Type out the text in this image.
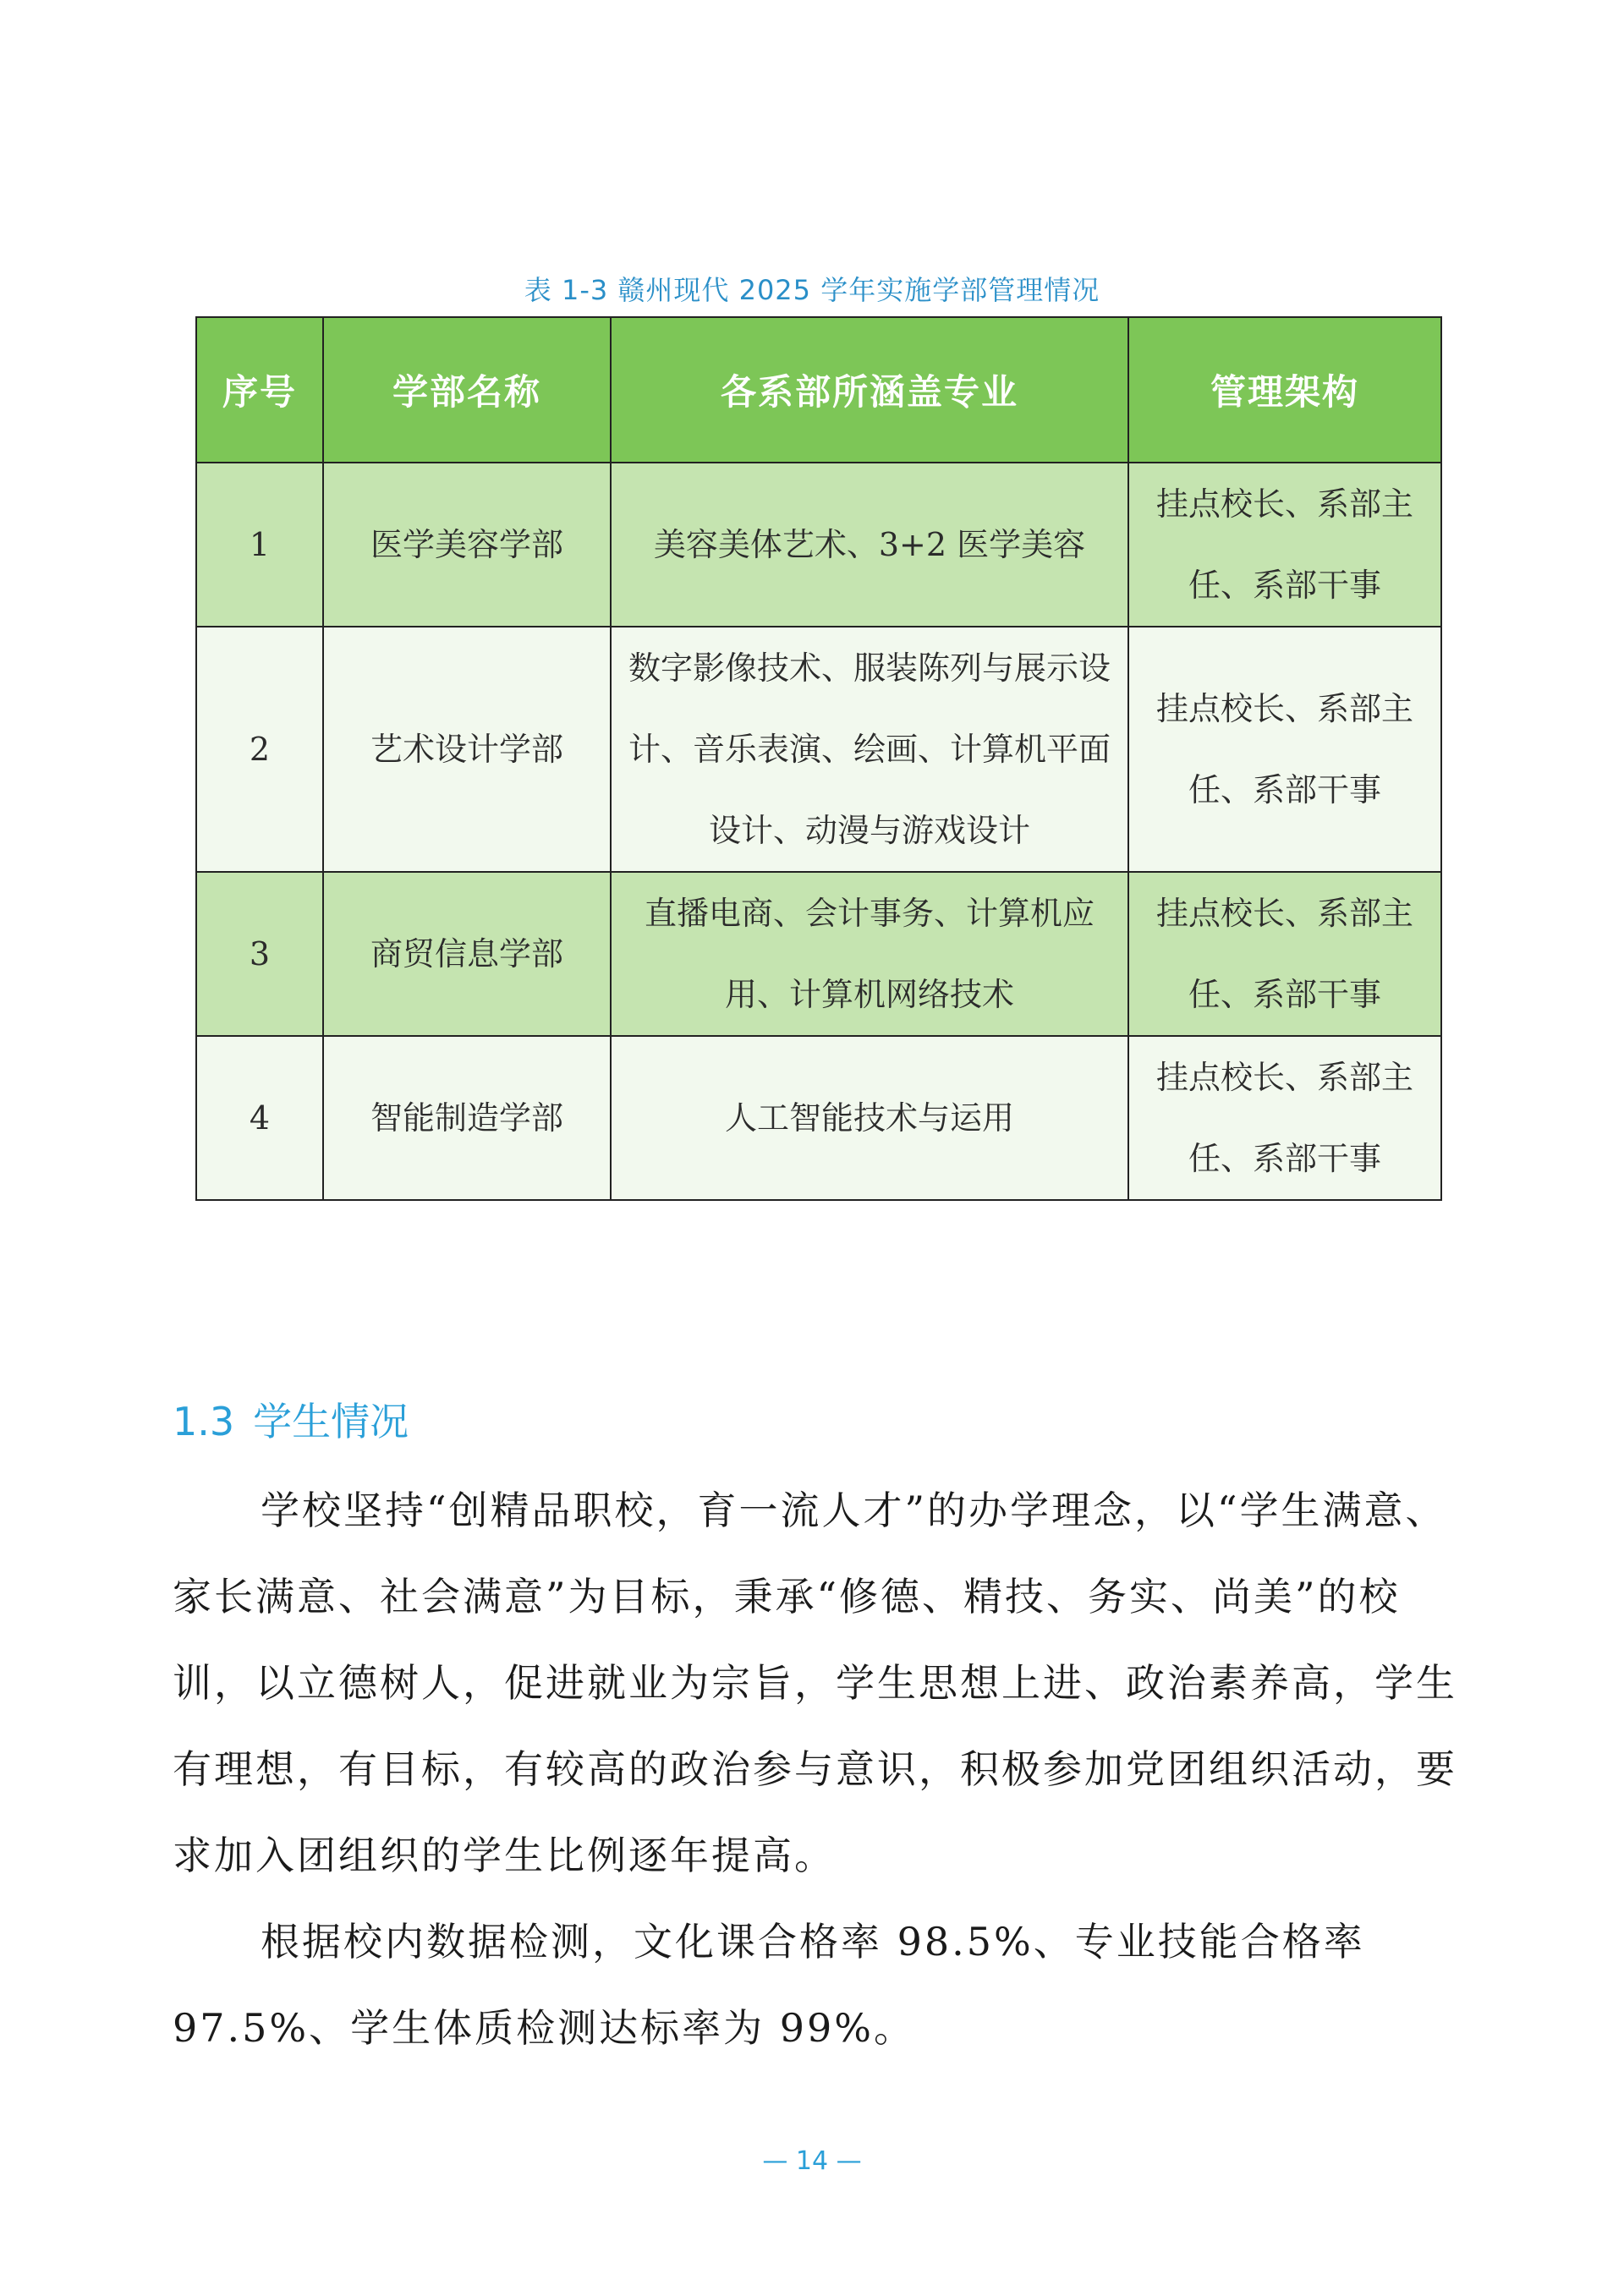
表 1-3 赣州现代 2025 学年实施学部管理情况
序号	学部名称	各系部所涵盖专业	管理架构
1	医学美容学部	美容美体艺术、3+2 医学美容	挂点校长、系部主任、系部干事
2	艺术设计学部	数字影像技术、服装陈列与展示设计、音乐表演、绘画、计算机平面设计、动漫与游戏设计	挂点校长、系部主任、系部干事
3	商贸信息学部	直播电商、会计事务、计算机应用、计算机网络技术	挂点校长、系部主任、系部干事
4	智能制造学部	人工智能技术与运用	挂点校长、系部主任、系部干事
1.3 学生情况

学校坚持“创精品职校，育一流人才”的办学理念，以“学生满意、家长满意、社会满意”为目标，秉承“修德、精技、务实、尚美”的校训，以立德树人，促进就业为宗旨，学生思想上进、政治素养高，学生有理想，有目标，有较高的政治参与意识，积极参加党团组织活动，要求加入团组织的学生比例逐年提高。

根据校内数据检测，文化课合格率 98.5%、专业技能合格率 97.5%、学生体质检测达标率为 99%。

— 14 —
